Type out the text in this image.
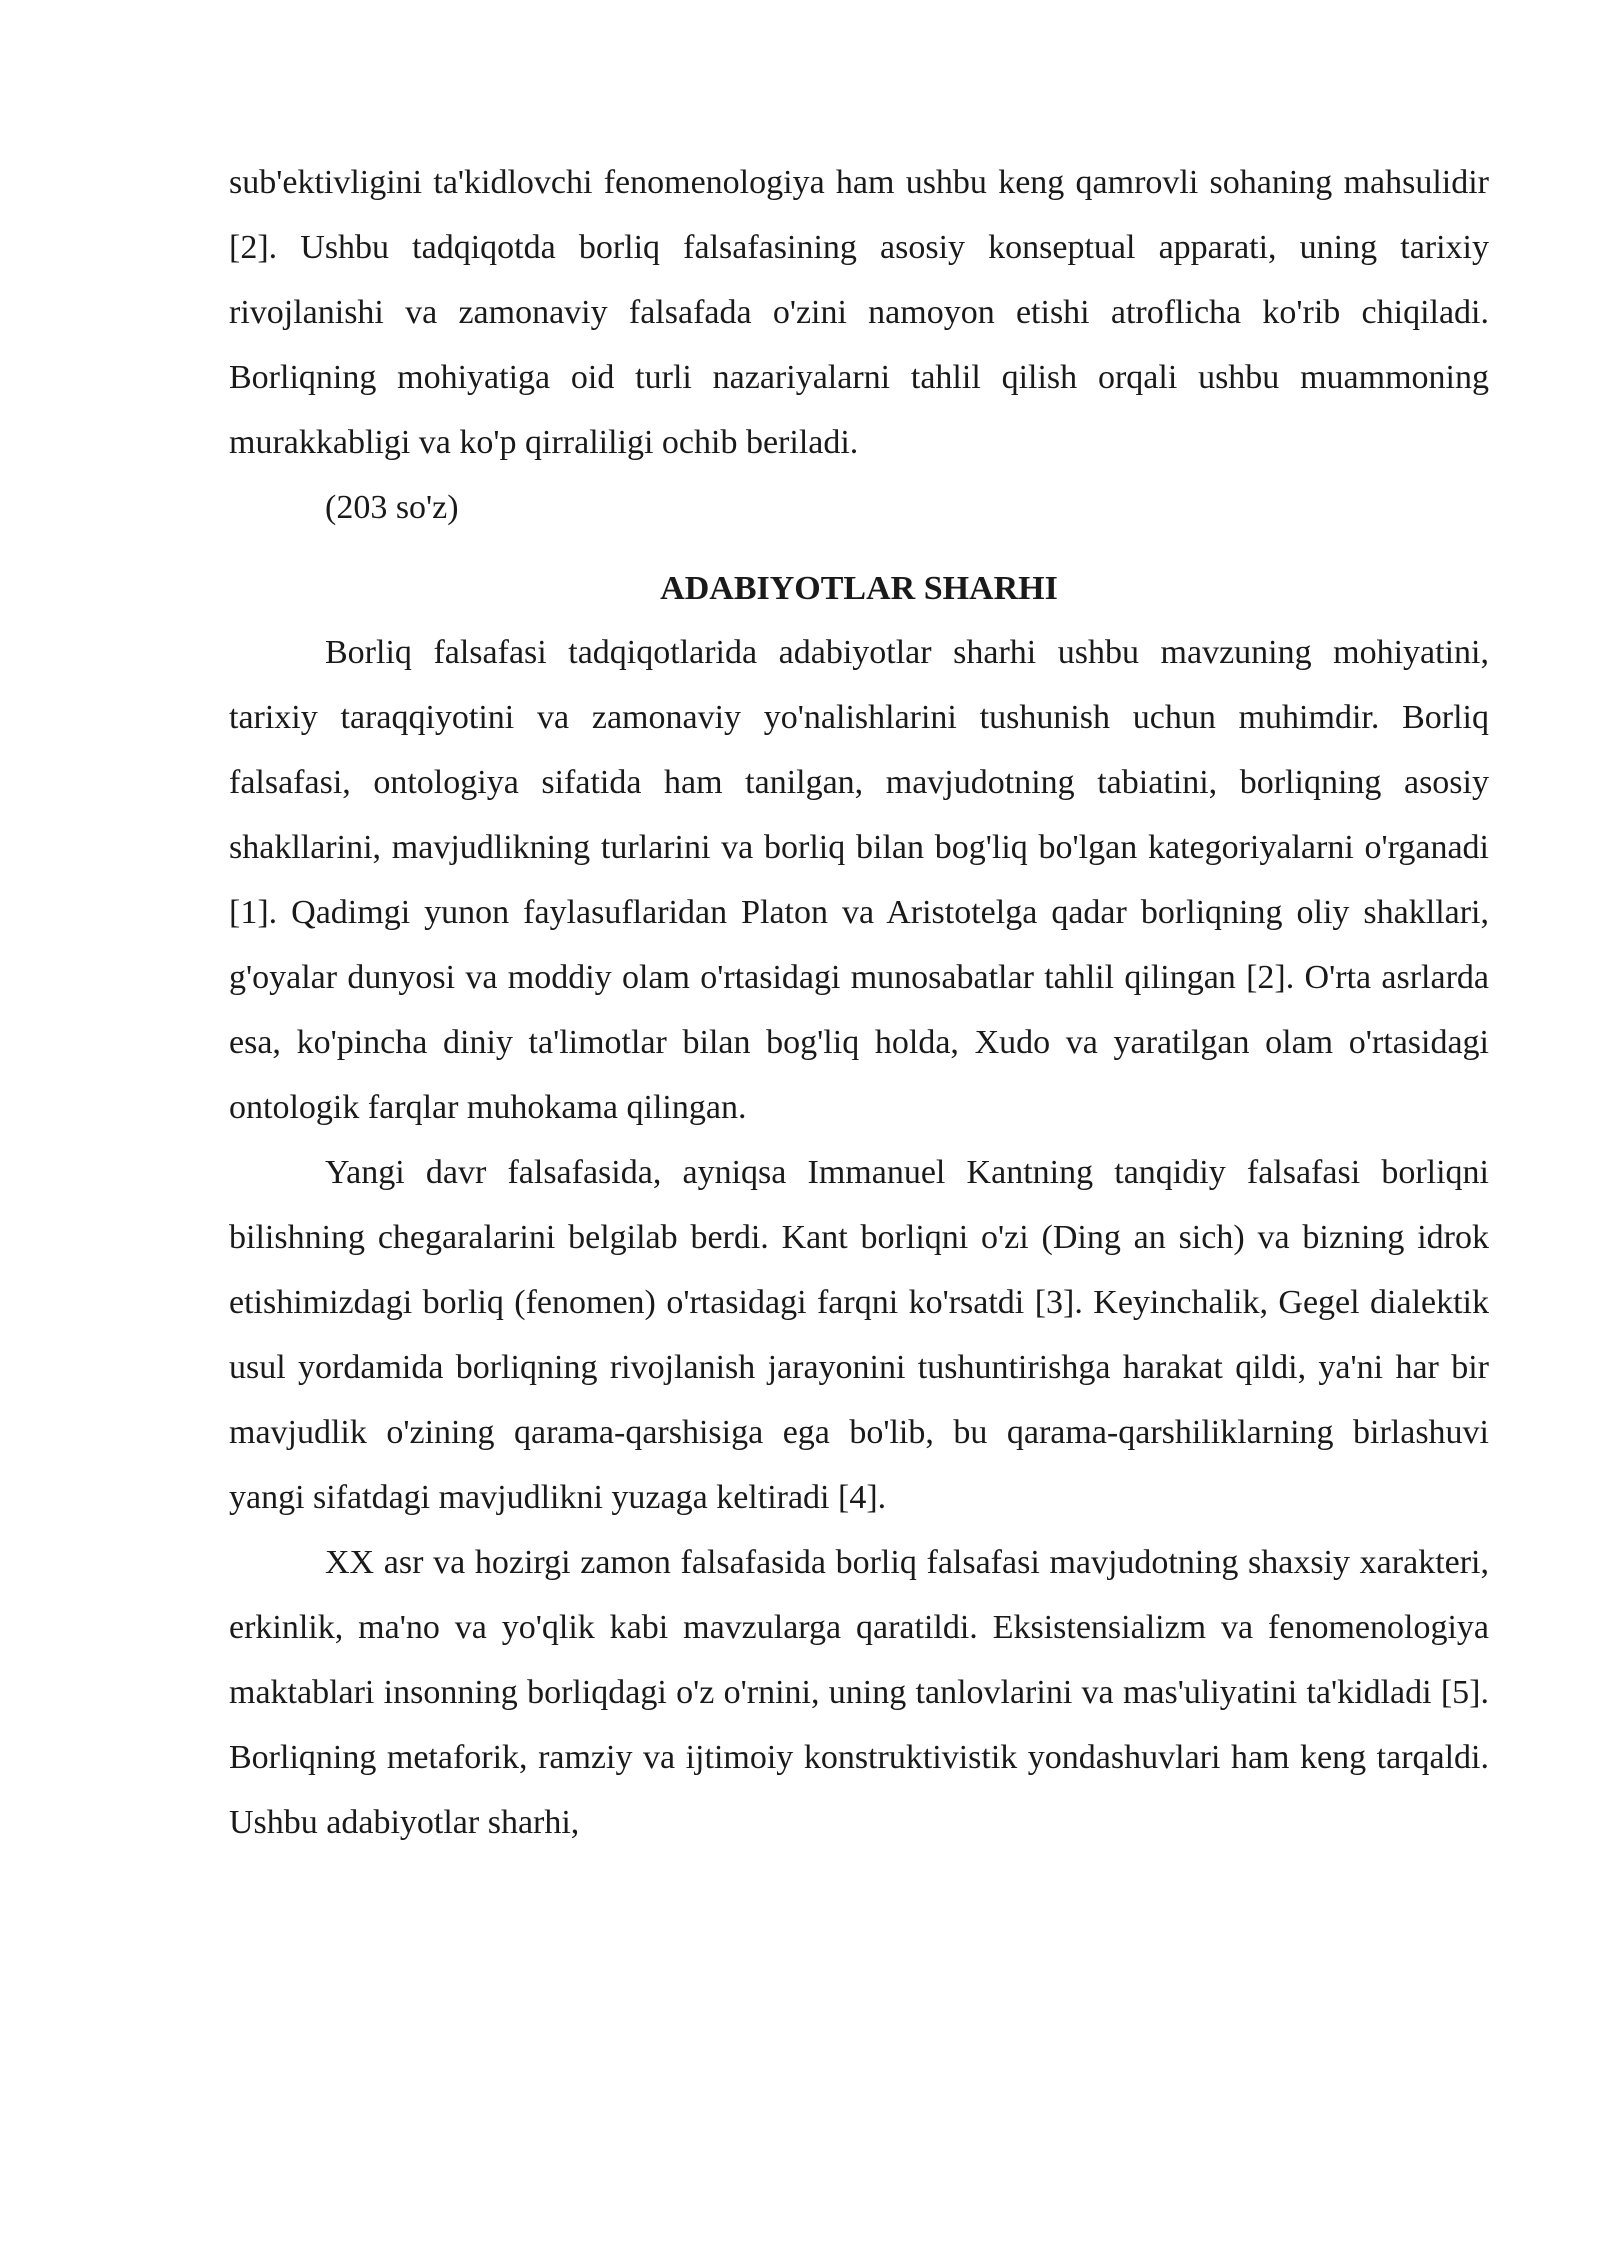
sub'ektivligini ta'kidlovchi fenomenologiya ham ushbu keng qamrovli sohaning mahsulidir [2]. Ushbu tadqiqotda borliq falsafasining asosiy konseptual apparati, uning tarixiy rivojlanishi va zamonaviy falsafada o'zini namoyon etishi atroflicha ko'rib chiqiladi. Borliqning mohiyatiga oid turli nazariyalarni tahlil qilish orqali ushbu muammoning murakkabligi va ko'p qirraliligi ochib beriladi.

(203 so'z)

ADABIYOTLAR SHARHI

Borliq falsafasi tadqiqotlarida adabiyotlar sharhi ushbu mavzuning mohiyatini, tarixiy taraqqiyotini va zamonaviy yo'nalishlarini tushunish uchun muhimdir. Borliq falsafasi, ontologiya sifatida ham tanilgan, mavjudotning tabiatini, borliqning asosiy shakllarini, mavjudlikning turlarini va borliq bilan bog'liq bo'lgan kategoriyalarni o'rganadi [1]. Qadimgi yunon faylasuflaridan Platon va Aristotelga qadar borliqning oliy shakllari, g'oyalar dunyosi va moddiy olam o'rtasidagi munosabatlar tahlil qilingan [2]. O'rta asrlarda esa, ko'pincha diniy ta'limotlar bilan bog'liq holda, Xudo va yaratilgan olam o'rtasidagi ontologik farqlar muhokama qilingan.

Yangi davr falsafasida, ayniqsa Immanuel Kantning tanqidiy falsafasi borliqni bilishning chegaralarini belgilab berdi. Kant borliqni o'zi (Ding an sich) va bizning idrok etishimizdagi borliq (fenomen) o'rtasidagi farqni ko'rsatdi [3]. Keyinchalik, Gegel dialektik usul yordamida borliqning rivojlanish jarayonini tushuntirishga harakat qildi, ya'ni har bir mavjudlik o'zining qarama-qarshisiga ega bo'lib, bu qarama-qarshiliklarning birlashuvi yangi sifatdagi mavjudlikni yuzaga keltiradi [4].

XX asr va hozirgi zamon falsafasida borliq falsafasi mavjudotning shaxsiy xarakteri, erkinlik, ma'no va yo'qlik kabi mavzularga qaratildi. Eksistensializm va fenomenologiya maktablari insonning borliqdagi o'z o'rnini, uning tanlovlarini va mas'uliyatini ta'kidladi [5]. Borliqning metaforik, ramziy va ijtimoiy konstruktivistik yondashuvlari ham keng tarqaldi. Ushbu adabiyotlar sharhi,
